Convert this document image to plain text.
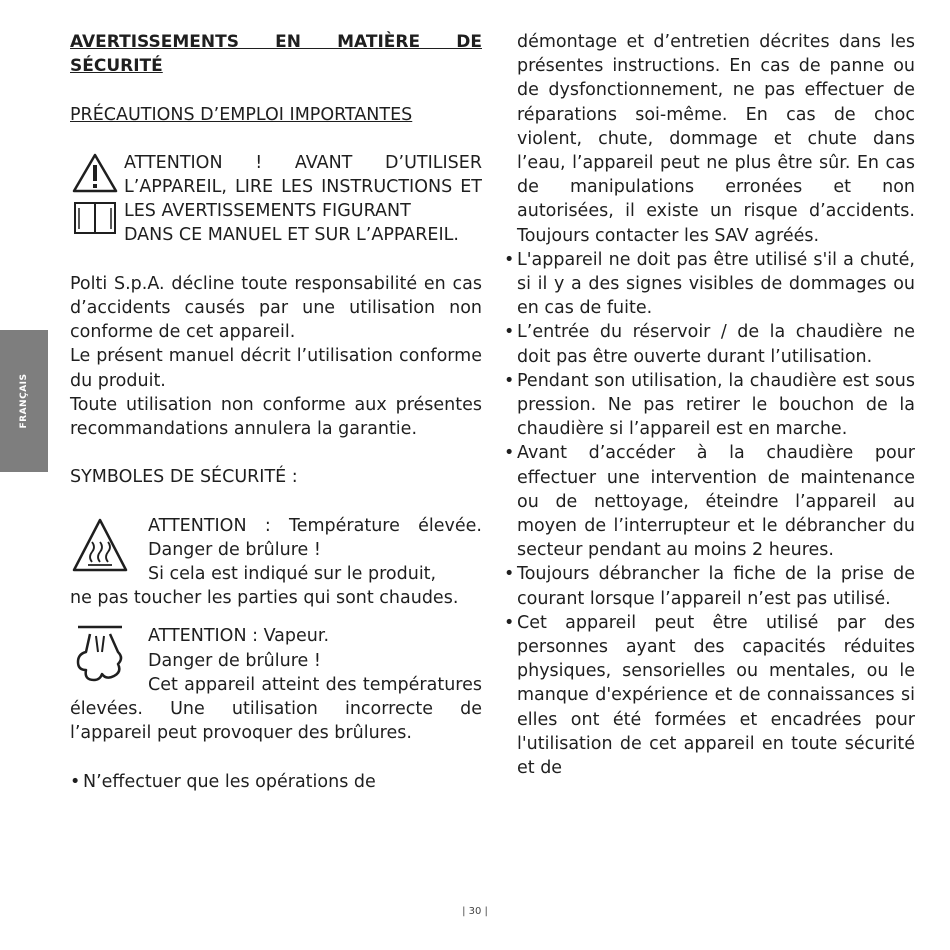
FRANÇAIS

AVERTISSEMENTS EN MATIÈRE DE SÉCURITÉ

PRÉCAUTIONS D’EMPLOI IMPORTANTES

ATTENTION ! AVANT D’UTILISER L’APPAREIL, LIRE LES INSTRUCTIONS ET LES AVERTISSEMENTS FIGURANT

DANS CE MANUEL ET SUR L’APPAREIL.

Polti S.p.A. décline toute responsabilité en cas d’accidents causés par une utilisation non conforme de cet appareil.

Le présent manuel décrit l’utilisation conforme du produit.

Toute utilisation non conforme aux présentes recommandations annulera la garantie.

SYMBOLES DE SÉCURITÉ :

ATTENTION : Température élevée. Danger de brûlure !

Si cela est indiqué sur le produit,

ne pas toucher les parties qui sont chaudes.

ATTENTION : Vapeur.

Danger de brûlure !

Cet appareil atteint des températures élevées. Une utilisation incorrecte de l’appareil peut provoquer des brûlures.

• N’effectuer que les opérations de

démontage et d’entretien décrites dans les présentes instructions. En cas de panne ou de dysfonctionnement, ne pas effectuer de réparations soi-même. En cas de choc violent, chute, dommage et chute dans l’eau, l’appareil peut ne plus être sûr. En cas de manipulations erronées et non autorisées, il existe un risque d’accidents. Toujours contacter les SAV agréés.

• L'appareil ne doit pas être utilisé s'il a chuté, si il y a des signes visibles de dommages ou en cas de fuite.
• L’entrée du réservoir / de la chaudière ne doit pas être ouverte durant l’utilisation.
• Pendant son utilisation, la chaudière est sous pression. Ne pas retirer le bouchon de la chaudière si l’appareil est en marche.
• Avant d’accéder à la chaudière pour effectuer une intervention de maintenance ou de nettoyage, éteindre l’appareil au moyen de l’interrupteur et le débrancher du secteur pendant au moins 2 heures.
• Toujours débrancher la fiche de la prise de courant lorsque l’appareil n’est pas utilisé.
• Cet appareil peut être utilisé par des personnes ayant des capacités réduites physiques, sensorielles ou mentales, ou le manque d'expérience et de connaissances si elles ont été formées et encadrées pour l'utilisation de cet appareil en toute sécurité et de
| 30 |
